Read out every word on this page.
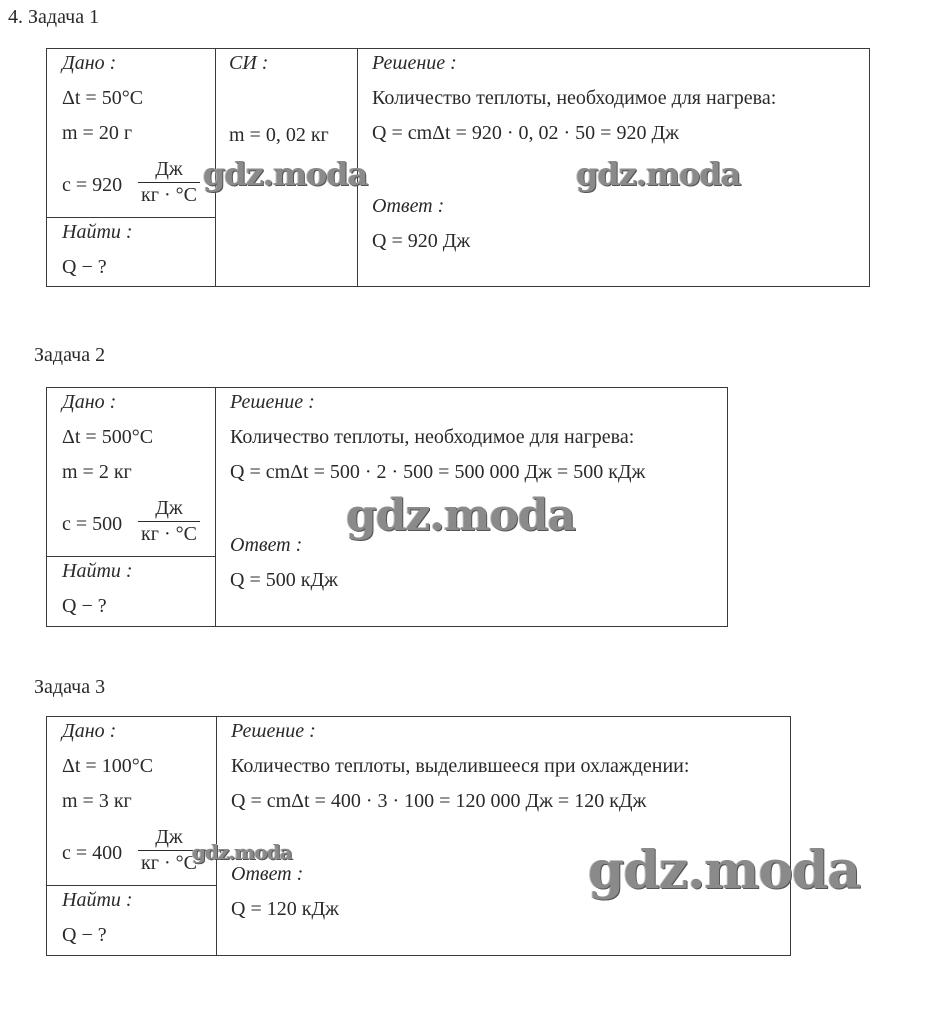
4. Задача 1
Дано :
Δt = 50°C
m = 20 г
c = 920
Дж
кг · °C
Найти :
Q − ?
СИ :
m = 0, 02 кг
Решение :
Количество теплоты, необходимое для нагрева:
Q = cmΔt = 920 · 0, 02 · 50 = 920 Дж
Ответ :
Q = 920 Дж
gdz.moda	gdz.moda
Задача 2
Дано :
Δt = 500°C
m = 2 кг
c = 500
Дж
кг · °C
Найти :
Q − ?
Решение :
Количество теплоты, необходимое для нагрева:
Q = cmΔt = 500 · 2 · 500 = 500 000 Дж = 500 кДж
Ответ :
Q = 500 кДж
gdz.moda
Задача 3
Дано :
Δt = 100°C
m = 3 кг
c = 400
Дж
кг · °C
Найти :
Q − ?
Решение :
Количество теплоты, выделившееся при охлаждении:
Q = cmΔt = 400 · 3 · 100 = 120 000 Дж = 120 кДж
Ответ :
Q = 120 кДж
gdz.moda	gdz.moda
